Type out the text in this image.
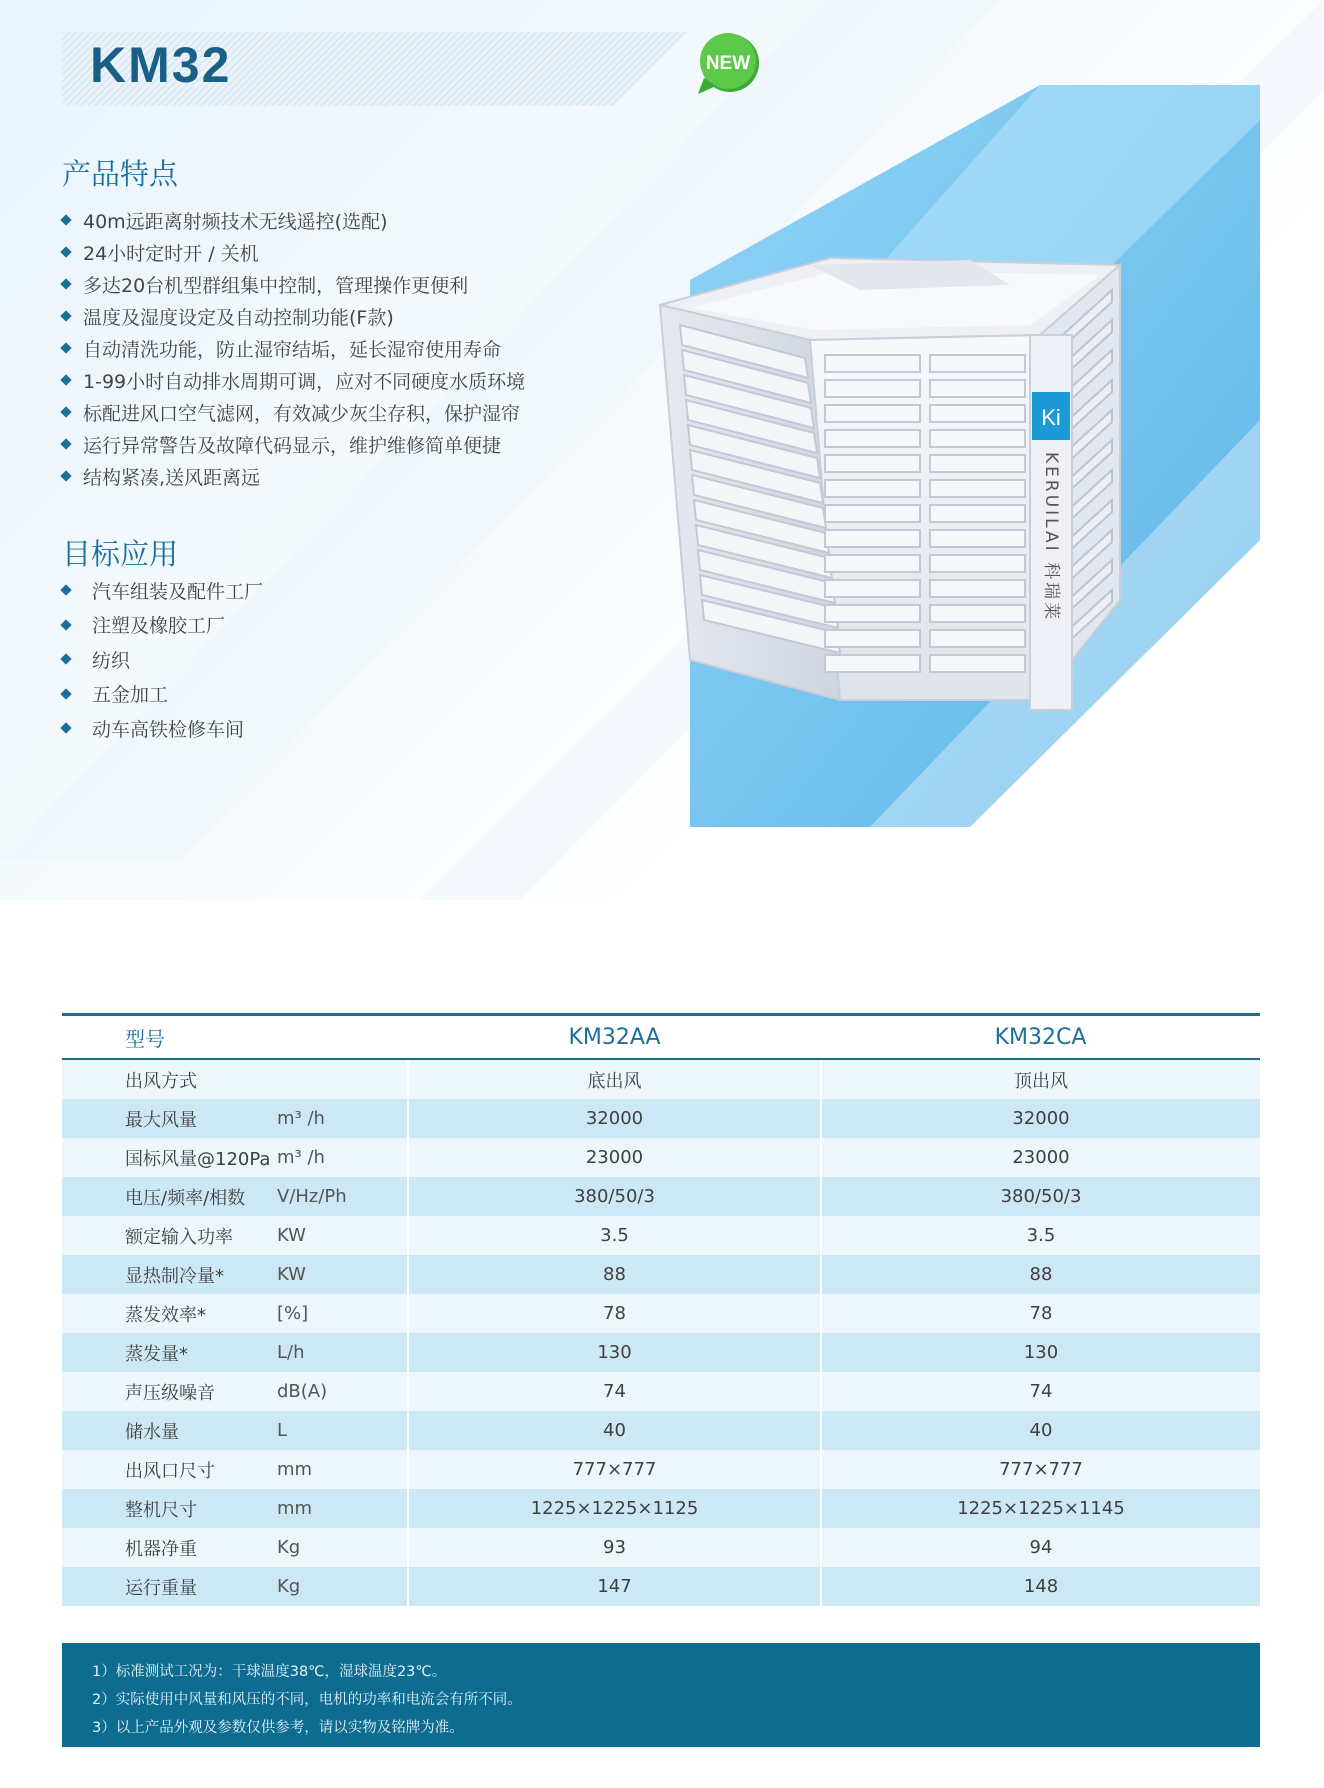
KM32	NEW
产品特点
40m远距离射频技术无线遥控(选配)
24小时定时开 / 关机
多达20台机型群组集中控制，管理操作更便利
温度及湿度设定及自动控制功能(F款)
自动清洗功能，防止湿帘结垢，延长湿帘使用寿命
1-99小时自动排水周期可调，应对不同硬度水质环境
标配进风口空气滤网，有效减少灰尘存积，保护湿帘
运行异常警告及故障代码显示，维护维修简单便捷
结构紧凑,送风距离远
目标应用
汽车组装及配件工厂
注塑及橡胶工厂
纺织
五金加工
动车高铁检修车间
Ki
KERUILAI 科瑞莱
型号		KM32AA	KM32CA
出风方式		底出风	顶出风
最大风量	m³ /h	32000	32000
国标风量@120Pa	m³ /h	23000	23000
电压/频率/相数	V/Hz/Ph	380/50/3	380/50/3
额定输入功率	KW	3.5	3.5
显热制冷量*	KW	88	88
蒸发效率*	[%]	78	78
蒸发量*	L/h	130	130
声压级噪音	dB(A)	74	74
储水量	L	40	40
出风口尺寸	mm	777×777	777×777
整机尺寸	mm	1225×1225×1125	1225×1225×1145
机器净重	Kg	93	94
运行重量	Kg	147	148
1）标准测试工况为：干球温度38℃，湿球温度23℃。
2）实际使用中风量和风压的不同，电机的功率和电流会有所不同。
3）以上产品外观及参数仅供参考，请以实物及铭牌为准。
